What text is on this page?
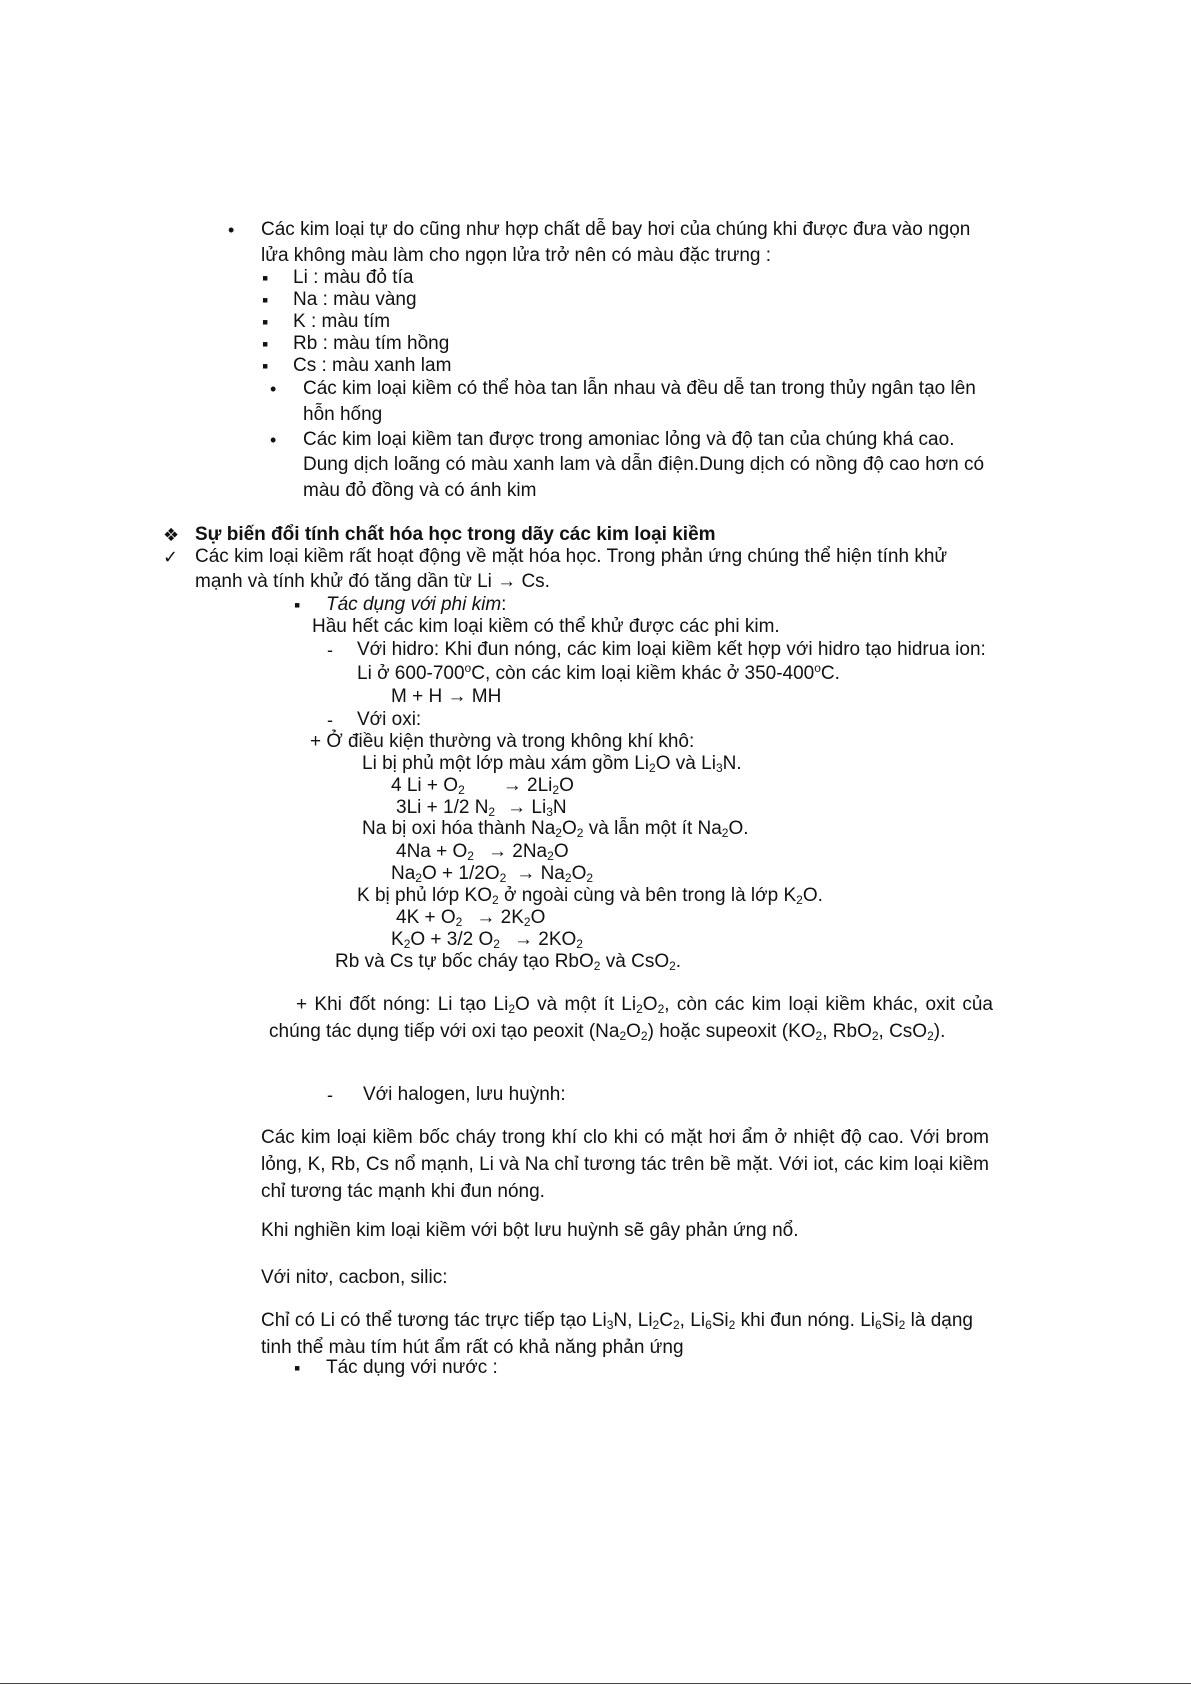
• Các kim loại tự do cũng như hợp chất dễ bay hơi của chúng khi được đưa vào ngọn
lửa không màu làm cho ngọn lửa trở nên có màu đặc trưng :
▪ Li : màu đỏ tía
▪ Na : màu vàng
▪ K : màu tím
▪ Rb : màu tím hồng
▪ Cs : màu xanh lam
• Các kim loại kiềm có thể hòa tan lẫn nhau và đều dễ tan trong thủy ngân tạo lên
hỗn hống
• Các kim loại kiềm tan được trong amoniac lỏng và độ tan của chúng khá cao.
Dung dịch loãng có màu xanh lam và dẫn điện.Dung dịch có nồng độ cao hơn có
màu đỏ đồng và có ánh kim
❖ Sự biến đổi tính chất hóa học trong dãy các kim loại kiềm
✓ Các kim loại kiềm rất hoạt động về mặt hóa học. Trong phản ứng chúng thể hiện tính khử
mạnh và tính khử đó tăng dần từ Li → Cs.
▪ Tác dụng với phi kim:
Hầu hết các kim loại kiềm có thể khử được các phi kim.
- Với hidro: Khi đun nóng, các kim loại kiềm kết hợp với hidro tạo hidrua ion:
Li ở 600-700$^o$C, còn các kim loại kiềm khác ở 350-400$^o$C.
M + H → MH
- Với oxi:
+ Ở điều kiện thường và trong không khí khô:
Li bị phủ một lớp màu xám gồm $Li_2O$ và $Li_3N$.
4 $Li + O_2 \to 2Li_2O$
3Li + 1/2 $N_2 \to Li_3N$
Na bị oxi hóa thành $Na_2O_2$ và lẫn một ít $Na_2O$.
$4Na + O_2 \to 2Na_2O$
$Na_2O + 1/2O_2 \to Na_2O_2$
K bị phủ lớp $KO_2$ ở ngoài cùng và bên trong là lớp $K_2O$.
$4K + O_2 \to 2K_2O$
$K_2O + 3/2$ $O_2 \to 2KO_2$
Rb và Cs tự bốc cháy tạo RbO$_2$ và CsO$_2$.
+ Khi đốt nóng: Li tạo $Li_2O$ và một ít $Li_2O_2$, còn các kim loại kiềm khác, oxit của chúng tác dụng tiếp với oxi tạo peoxit $(Na_2O_2)$ hoặc supeoxit ($KO_2$, RbO$_2$, CsO$_2$).
- Với halogen, lưu huỳnh:
Các kim loại kiềm bốc cháy trong khí clo khi có mặt hơi ẩm ở nhiệt độ cao. Với brom lỏng, K, Rb, Cs nổ mạnh, Li và Na chỉ tương tác trên bề mặt. Với iot, các kim loại kiềm chỉ tương tác mạnh khi đun nóng.
Khi nghiền kim loại kiềm với bột lưu huỳnh sẽ gây phản ứng nổ.
Với nitơ, cacbon, silic:
Chỉ có Li có thể tương tác trực tiếp tạo $Li_3N$, $Li_2C_2$, $Li_6Si_2$ khi đun nóng. $Li_6Si_2$ là dạng tinh thể màu tím hút ẩm rất có khả năng phản ứng
▪ Tác dụng với nước :
